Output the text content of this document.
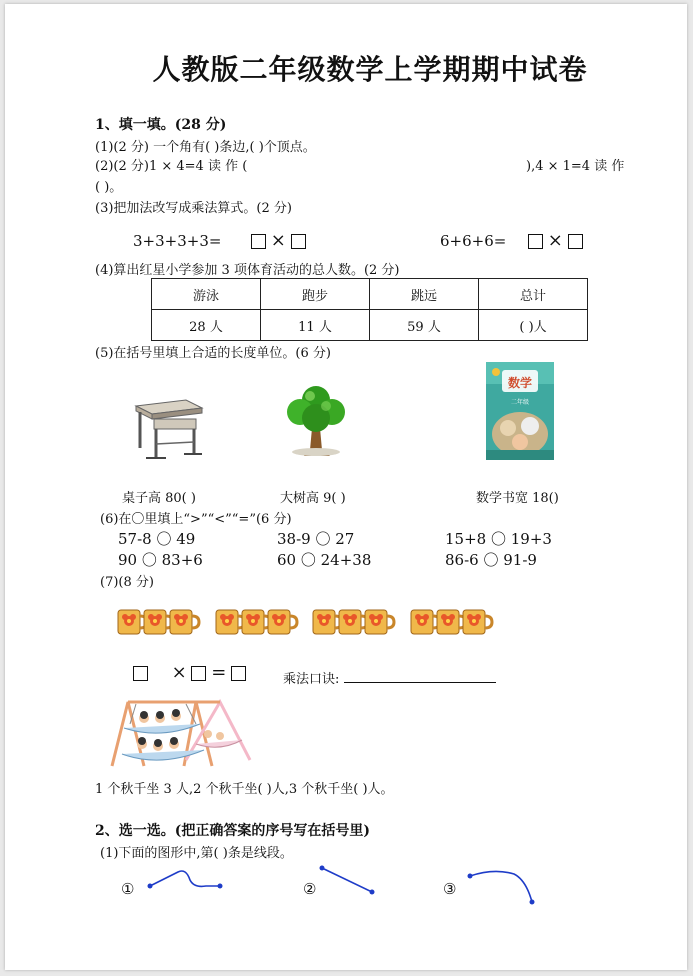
人教版二年级数学上学期期中试卷
1、填一填。(28 分)
(1)(2 分) 一个角有( )条边,( )个顶点。
(2)(2 分)1 × 4=4 读 作 (	),4 × 1=4 读 作
( )。
(3)把加法改写成乘法算式。(2 分)
3+3+3+3=	×	6+6+6= ×
(4)算出红星小学参加 3 项体育活动的总人数。(2 分)
游泳	跑步	跳远	总计
28 人	11 人	59 人	( )人
(5)在括号里填上合适的长度单位。(6 分)
数学
二年级
桌子高 80( )	大树高 9( )	数学书宽 18()
(6)在〇里填上“>”“<”“=”(6 分)
57-8 〇 49	38-9 〇 27	15+8 〇 19+3
90 〇 83+6	60 〇 24+38	86-6 〇 91-9
(7)(8 分)
× =	乘法口诀:
1 个秋千坐 3 人,2 个秋千坐( )人,3 个秋千坐( )人。
2、选一选。(把正确答案的序号写在括号里)
(1)下面的图形中,第( )条是线段。
①	②	③
